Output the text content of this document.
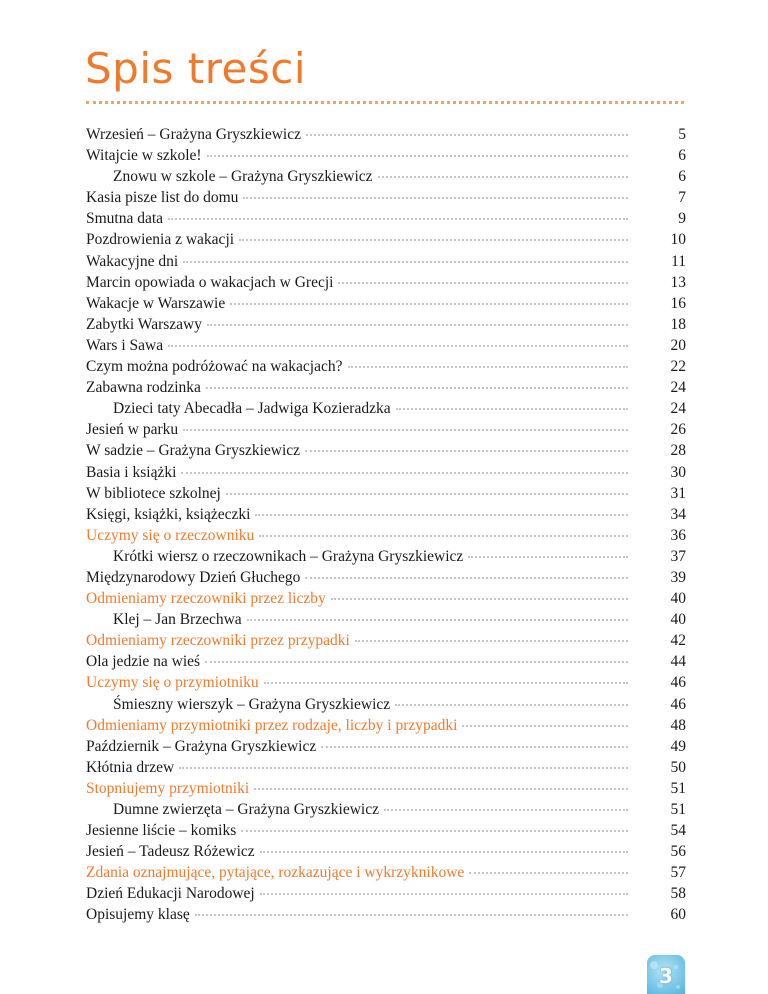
Spis treści
Wrzesień – Grażyna Gryszkiewicz	5
Witajcie w szkole!	6
Znowu w szkole – Grażyna Gryszkiewicz	6
Kasia pisze list do domu	7
Smutna data	9
Pozdrowienia z wakacji	10
Wakacyjne dni	11
Marcin opowiada o wakacjach w Grecji	13
Wakacje w Warszawie	16
Zabytki Warszawy	18
Wars i Sawa	20
Czym można podróżować na wakacjach?	22
Zabawna rodzinka	24
Dzieci taty Abecadła – Jadwiga Kozieradzka	24
Jesień w parku	26
W sadzie – Grażyna Gryszkiewicz	28
Basia i książki	30
W bibliotece szkolnej	31
Księgi, książki, książeczki	34
Uczymy się o rzeczowniku	36
Krótki wiersz o rzeczownikach – Grażyna Gryszkiewicz	37
Międzynarodowy Dzień Głuchego	39
Odmieniamy rzeczowniki przez liczby	40
Klej – Jan Brzechwa	40
Odmieniamy rzeczowniki przez przypadki	42
Ola jedzie na wieś	44
Uczymy się o przymiotniku	46
Śmieszny wierszyk – Grażyna Gryszkiewicz	46
Odmieniamy przymiotniki przez rodzaje, liczby i przypadki	48
Październik – Grażyna Gryszkiewicz	49
Kłótnia drzew	50
Stopniujemy przymiotniki	51
Dumne zwierzęta – Grażyna Gryszkiewicz	51
Jesienne liście – komiks	54
Jesień – Tadeusz Różewicz	56
Zdania oznajmujące, pytające, rozkazujące i wykrzyknikowe	57
Dzień Edukacji Narodowej	58
Opisujemy klasę	60
3
